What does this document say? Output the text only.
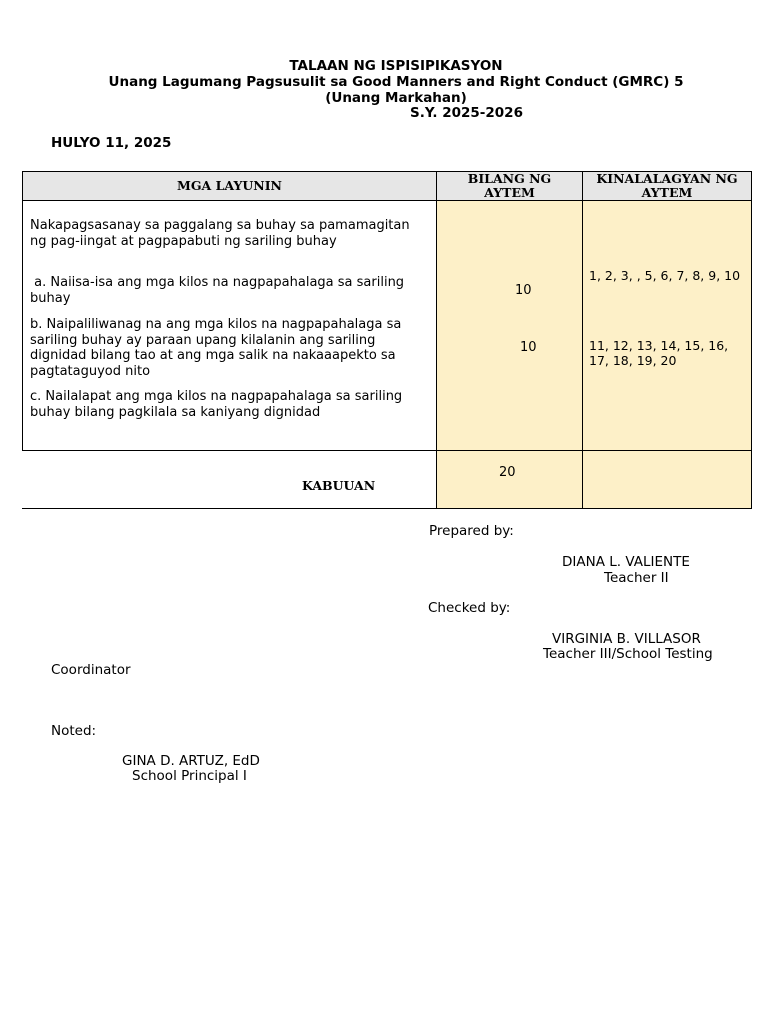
TALAAN NG ISPISIPIKASYON
Unang Lagumang Pagsusulit sa Good Manners and Right Conduct (GMRC) 5
(Unang Markahan)
S.Y. 2025-2026
HULYO 11, 2025
MGA LAYUNIN	BILANG NG AYTEM
KINALALAGYAN NG AYTEM
Nakapagsasanay sa paggalang sa buhay sa pamamagitan ng pag-iingat at pagpapabuti ng sariling buhay
a. Naiisa-isa ang mga kilos na nagpapahalaga sa sariling buhay
b. Naipaliliwanag na ang mga kilos na nagpapahalaga sa sariling buhay ay paraan upang kilalanin ang sariling dignidad bilang tao at ang mga salik na nakaaapekto sa pagtataguyod nito
c. Nailalapat ang mga kilos na nagpapahalaga sa sariling buhay bilang pagkilala sa kaniyang dignidad
10
10
1, 2, 3, , 5, 6, 7, 8, 9, 10
11, 12, 13, 14, 15, 16, 17, 18, 19, 20
KABUUAN
20
Prepared by:
DIANA L. VALIENTE
Teacher II
Checked by:
VIRGINIA B. VILLASOR
Teacher III/School Testing
Coordinator
Noted:
GINA D. ARTUZ, EdD
School Principal I
